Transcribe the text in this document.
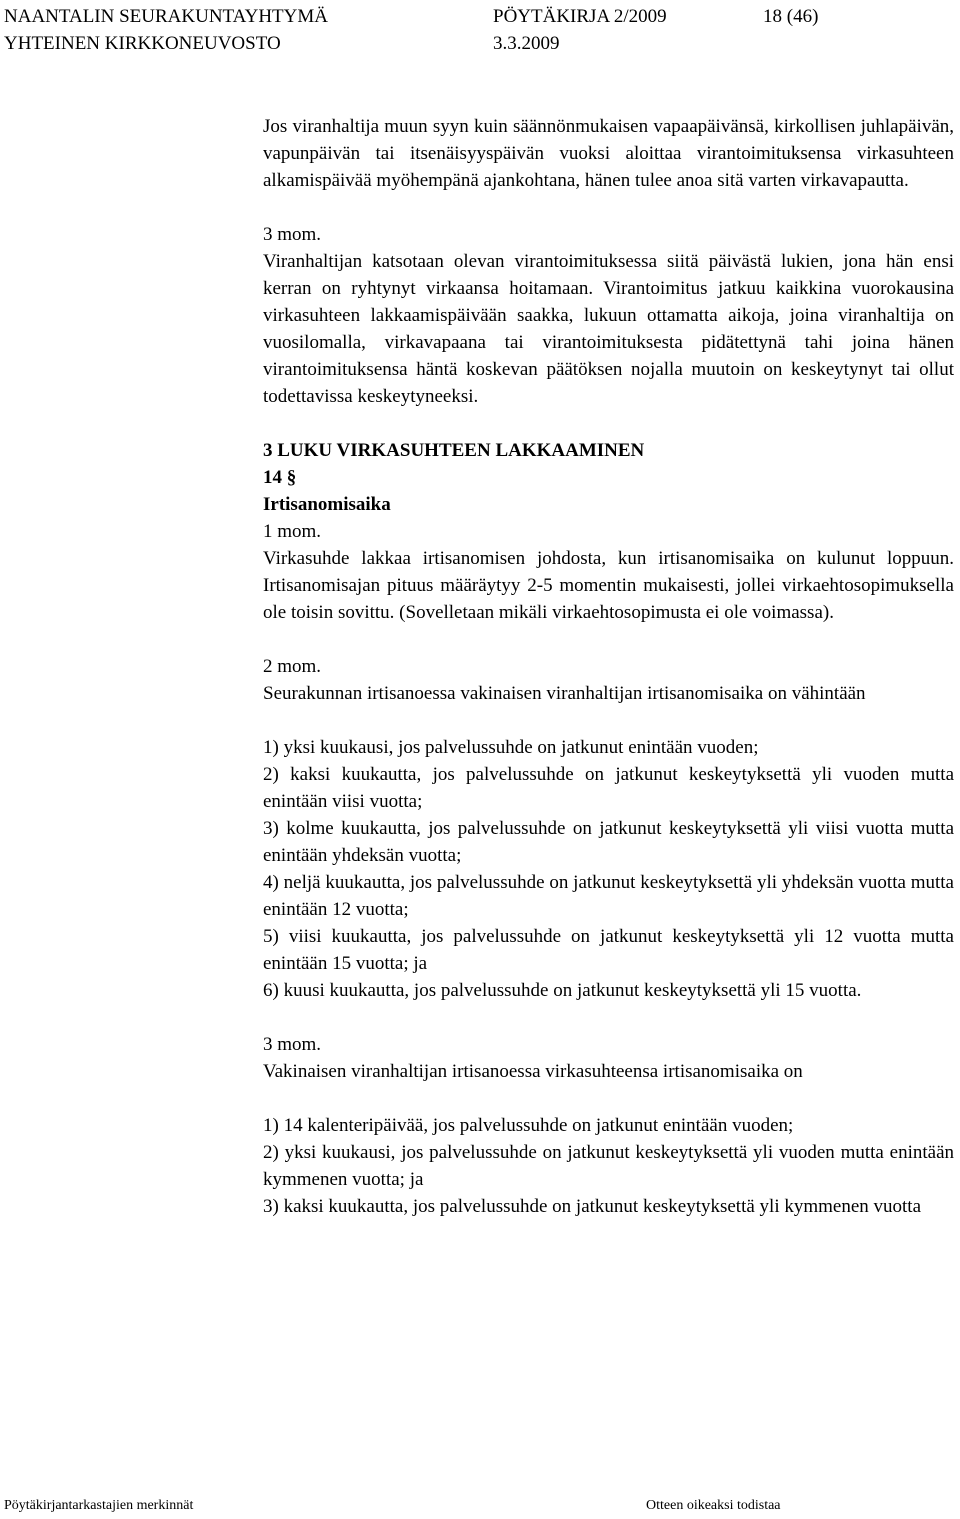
NAANTALIN SEURAKUNTAYHTYMÄ
YHTEINEN KIRKKONEUVOSTO
PÖYTÄKIRJA 2/2009	18 (46)
3.3.2009

Jos viranhaltija muun syyn kuin säännönmukaisen vapaapäivänsä, kirkollisen juhlapäivän, vapunpäivän tai itsenäisyyspäivän vuoksi aloittaa virantoimituksensa virkasuhteen alkamispäivää myöhempänä ajankohtana, hänen tulee anoa sitä varten virkavapautta.

3 mom.

Viranhaltijan katsotaan olevan virantoimituksessa siitä päivästä lukien, jona hän ensi kerran on ryhtynyt virkaansa hoitamaan. Virantoimitus jatkuu kaikkina vuorokausina virkasuhteen lakkaamispäivään saakka, lukuun ottamatta aikoja, joina viranhaltija on vuosilomalla, virkavapaana tai virantoimituksesta pidätettynä tahi joina hänen virantoimituksensa häntä koskevan päätöksen nojalla muutoin on keskeytynyt tai ollut todettavissa keskeytyneeksi.

3 LUKU VIRKASUHTEEN LAKKAAMINEN

14 §

Irtisanomisaika

1 mom.

Virkasuhde lakkaa irtisanomisen johdosta, kun irtisanomisaika on kulunut loppuun. Irtisanomisajan pituus määräytyy 2-5 momentin mukaisesti, jollei virkaehtosopimuksella ole toisin sovittu. (Sovelletaan mikäli virkaehtosopimusta ei ole voimassa).

2 mom.

Seurakunnan irtisanoessa vakinaisen viranhaltijan irtisanomisaika on vähintään

1) yksi kuukausi, jos palvelussuhde on jatkunut enintään vuoden;

2) kaksi kuukautta, jos palvelussuhde on jatkunut keskeytyksettä yli vuoden mutta enintään viisi vuotta;

3) kolme kuukautta, jos palvelussuhde on jatkunut keskeytyksettä yli viisi vuotta mutta enintään yhdeksän vuotta;

4) neljä kuukautta, jos palvelussuhde on jatkunut keskeytyksettä yli yhdeksän vuotta mutta enintään 12 vuotta;

5) viisi kuukautta, jos palvelussuhde on jatkunut keskeytyksettä yli 12 vuotta mutta enintään 15 vuotta; ja

6) kuusi kuukautta, jos palvelussuhde on jatkunut keskeytyksettä yli 15 vuotta.

3 mom.

Vakinaisen viranhaltijan irtisanoessa virkasuhteensa irtisanomisaika on

1) 14 kalenteripäivää, jos palvelussuhde on jatkunut enintään vuoden;

2) yksi kuukausi, jos palvelussuhde on jatkunut keskeytyksettä yli vuoden mutta enintään kymmenen vuotta; ja

3) kaksi kuukautta, jos palvelussuhde on jatkunut keskeytyksettä yli kymmenen vuotta

Pöytäkirjantarkastajien merkinnät	Otteen oikeaksi todistaa
